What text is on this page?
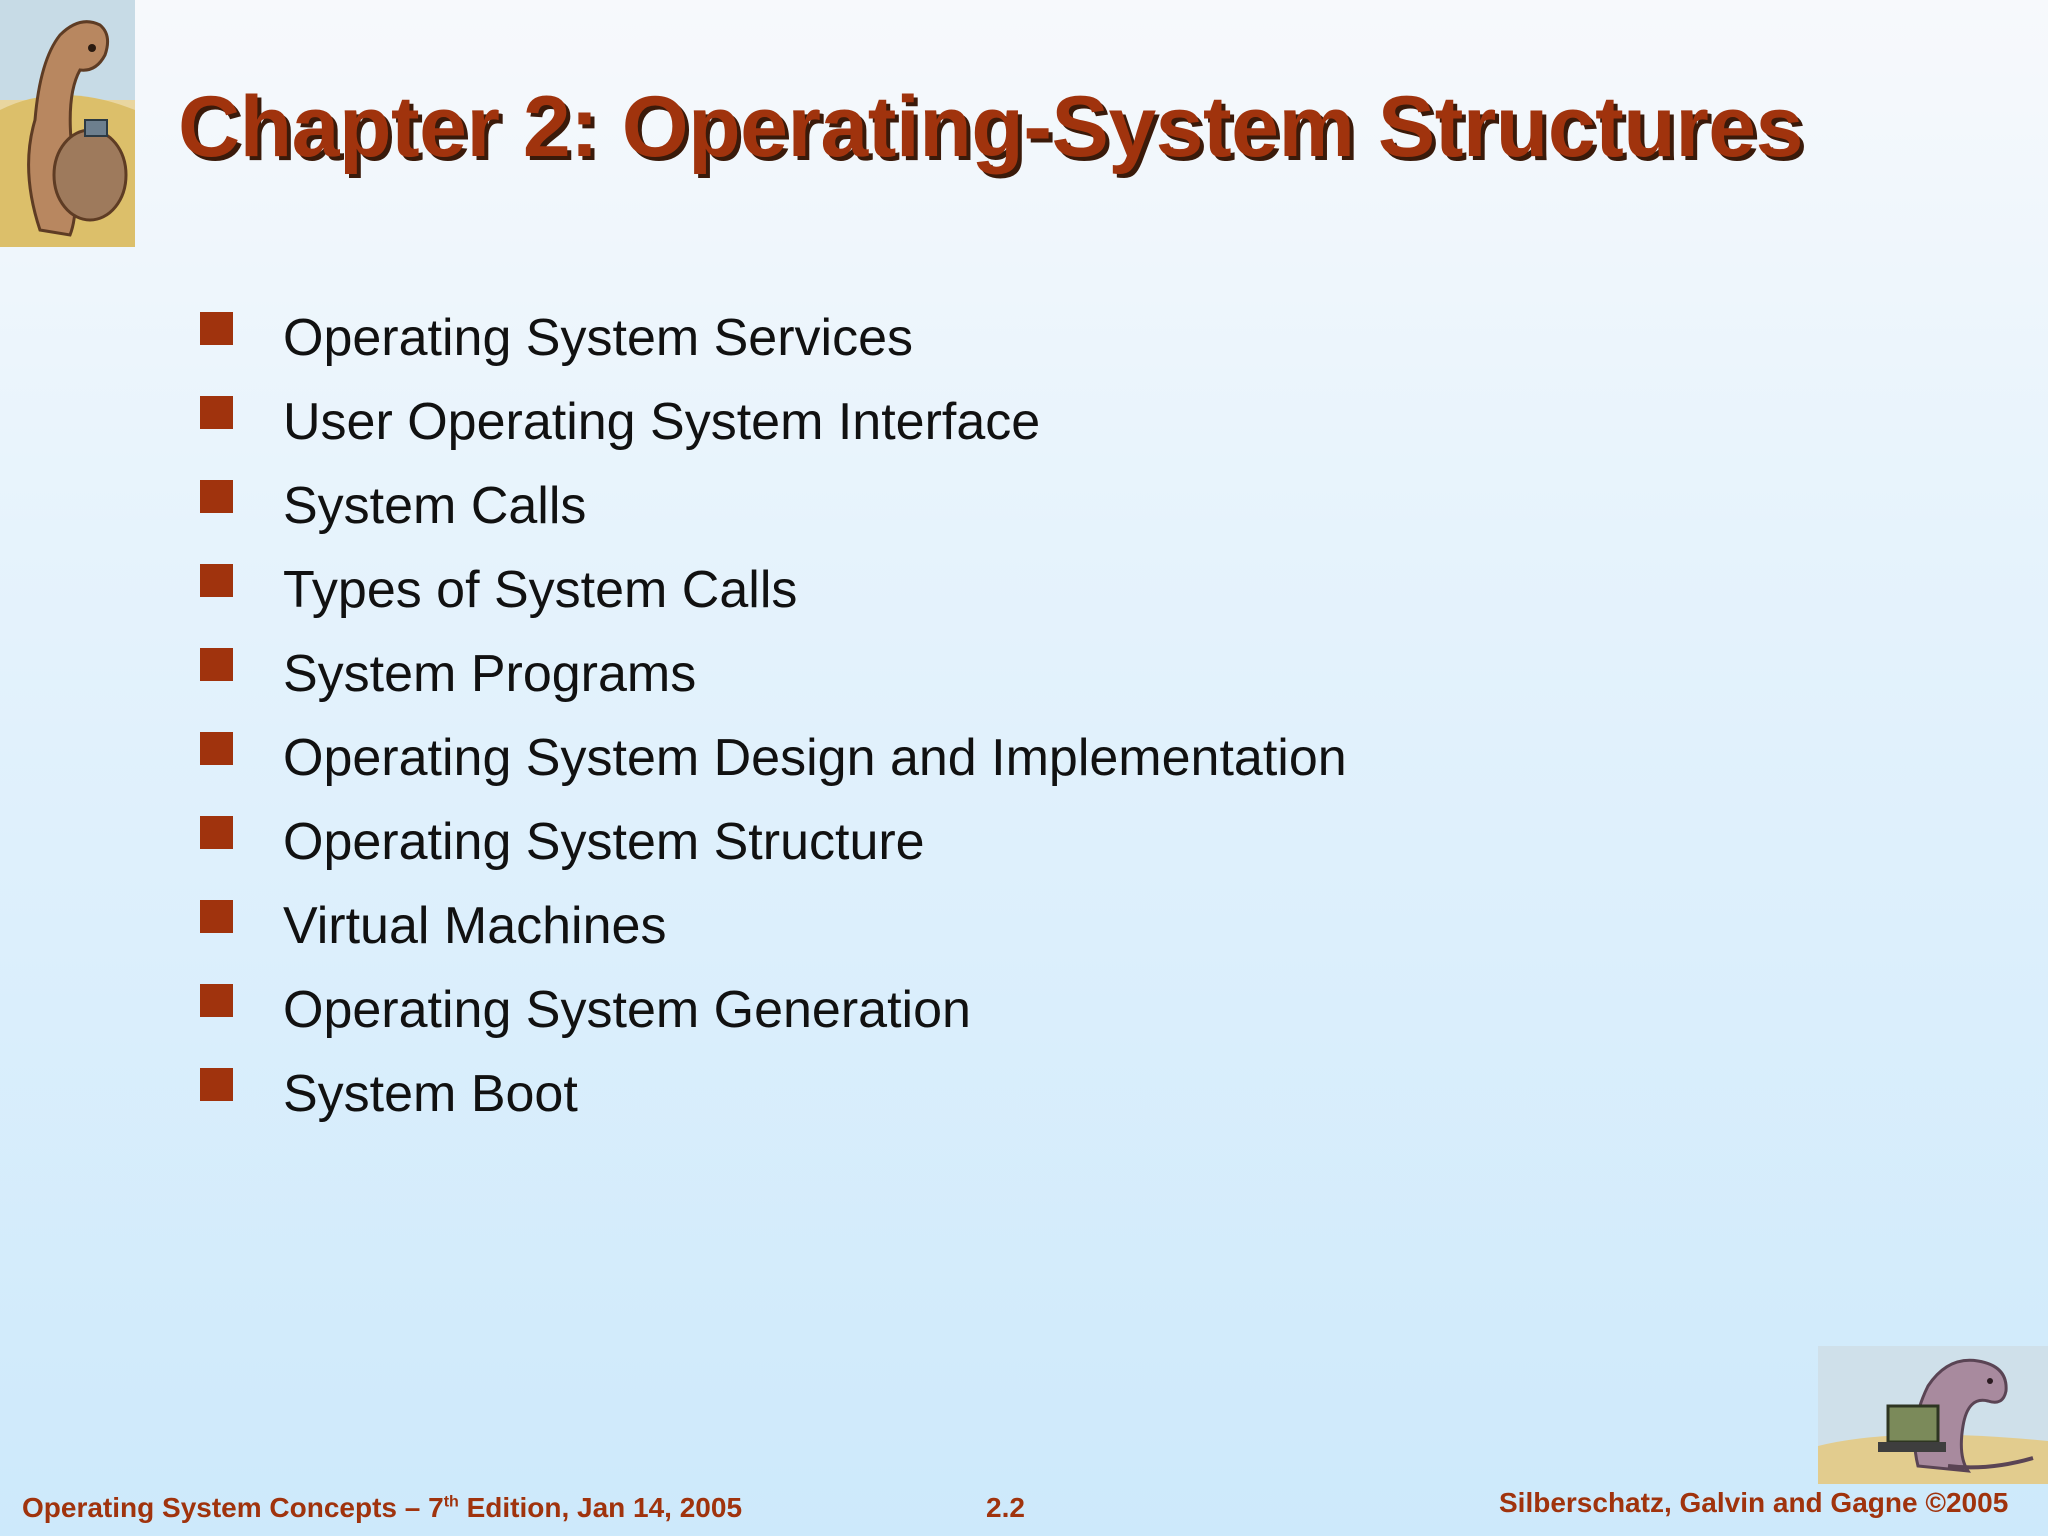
Chapter 2: Operating-System Structures
Operating System Services
User Operating System Interface
System Calls
Types of System Calls
System Programs
Operating System Design and Implementation
Operating System Structure
Virtual Machines
Operating System Generation
System Boot
Operating System Concepts – 7th Edition, Jan 14, 2005	2.2	Silberschatz, Galvin and Gagne ©2005
